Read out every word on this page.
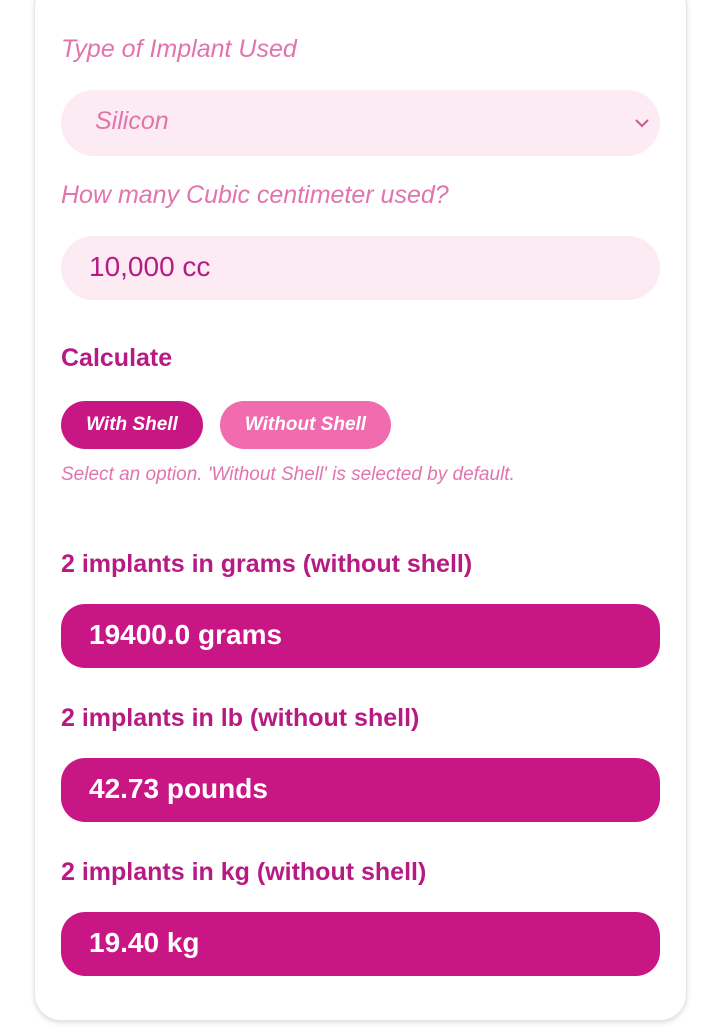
Type of Implant Used
Silicon
How many Cubic centimeter used?
10,000 cc
Calculate
With Shell	Without Shell
Select an option. 'Without Shell' is selected by default.
2 implants in grams (without shell)
19400.0 grams
2 implants in lb (without shell)
42.73 pounds
2 implants in kg (without shell)
19.40 kg
